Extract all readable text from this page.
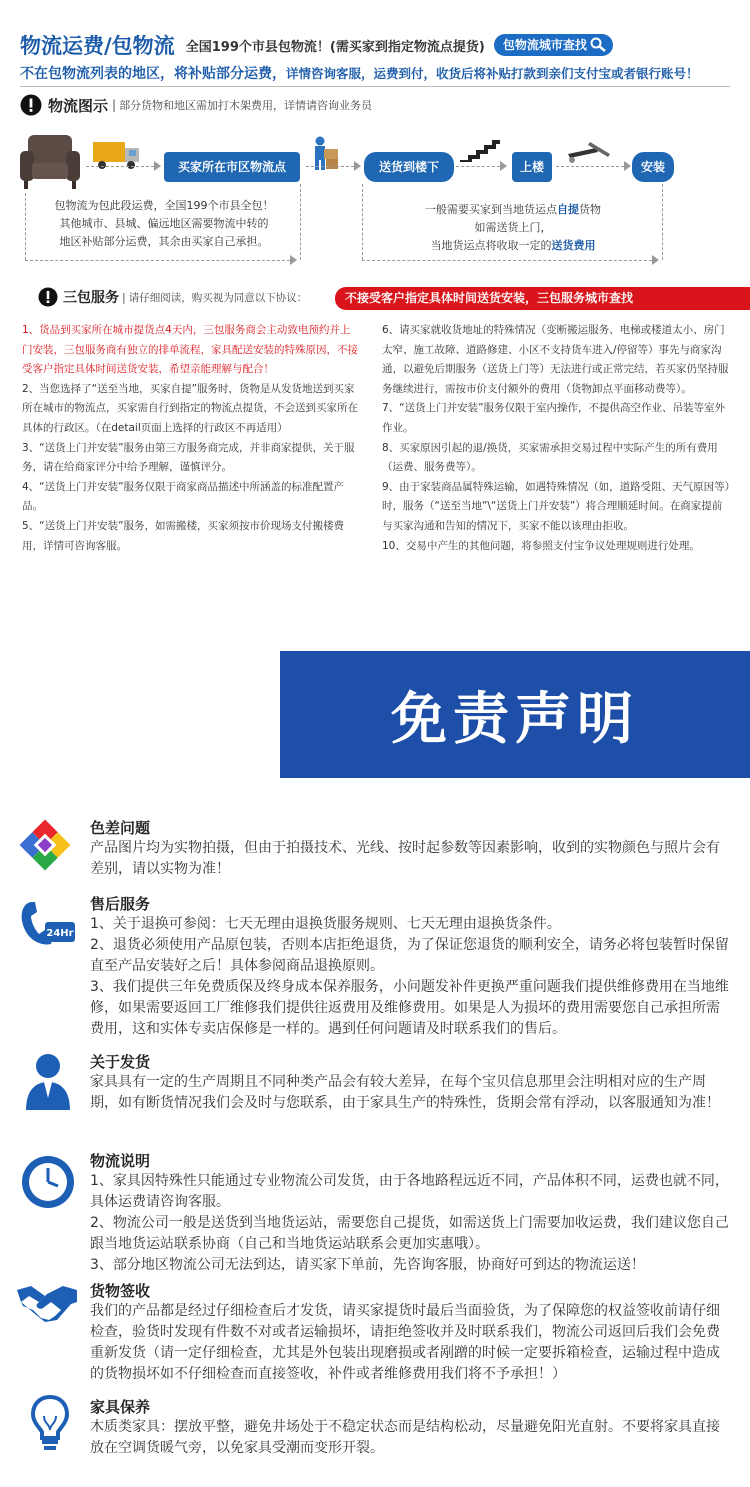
物流运费/包物流 全国199个市县包物流！(需买家到指定物流点提货) 包物流城市查找
不在包物流列表的地区，将补贴部分运费，详情咨询客服，运费到付，收货后将补贴打款到亲们支付宝或者银行账号！
物流图示 | 部分货物和地区需加打木架费用，详情请咨询业务员
买家所在市区物流点	送货到楼下	上楼	安装
包物流为包此段运费，全国199个市县全包！
其他城市、县城、偏远地区需要物流中转的
地区补贴部分运费，其余由买家自己承担。
一般需要买家到当地货运点自提货物
如需送货上门，
当地货运点将收取一定的送货费用
三包服务 | 请仔细阅读，购买视为同意以下协议：	不接受客户指定具体时间送货安装，三包服务城市查找

1、货品到买家所在城市提货点4天内，三包服务商会主动致电预约并上门安装，三包服务商有独立的排单流程，家具配送安装的特殊原因，不接受客户指定具体时间送货安装，希望亲能理解与配合！

2、当您选择了“送至当地，买家自提”服务时，货物是从发货地送到买家所在城市的物流点，买家需自行到指定的物流点提货，不会送到买家所在具体的行政区。（在detail页面上选择的行政区不再适用）

3、“送货上门并安装”服务由第三方服务商完成，并非商家提供，关于服务，请在给商家评分中给予理解，谨慎评分。

4、“送货上门并安装”服务仅限于商家商品描述中所涵盖的标准配置产品。

5、“送货上门并安装”服务，如需搬楼，买家须按市价现场支付搬楼费用，详情可咨询客服。

6、请买家就收货地址的特殊情况（变断搬运服务、电梯或楼道太小、房门太窄、施工故障、道路修建、小区不支持货车进入/停留等）事先与商家沟通，以避免后期服务（送货上门等）无法进行或正常完结，若买家仍坚持服务继续进行，需按市价支付额外的费用（货物卸点平面移动费等）。

7、“送货上门并安装”服务仅限于室内操作，不提供高空作业、吊装等室外作业。

8、买家原因引起的退/换货，买家需承担交易过程中实际产生的所有费用（运费、服务费等）。

9、由于家装商品属特殊运输，如遇特殊情况（如，道路受阻、天气原因等）时，服务（“送至当地”\“送货上门并安装”）将合理顺延时间。在商家提前与买家沟通和告知的情况下，买家不能以该理由拒收。

10、交易中产生的其他问题，将参照支付宝争议处理规则进行处理。

免责声明
色差问题

产品图片均为实物拍摄，但由于拍摄技术、光线、按时起参数等因素影响，收到的实物颜色与照片会有差别，请以实物为准！

24Hr
售后服务

1、关于退换可参阅：七天无理由退换货服务规则、七天无理由退换货条件。

2、退货必须使用产品原包装，否则本店拒绝退货，为了保证您退货的顺利安全，请务必将包装暂时保留直至产品安装好之后！具体参阅商品退换原则。

3、我们提供三年免费质保及终身成本保养服务，小问题发补件更换严重问题我们提供维修费用在当地维修，如果需要返回工厂维修我们提供往返费用及维修费用。如果是人为损坏的费用需要您自己承担所需费用，这和实体专卖店保修是一样的。遇到任何问题请及时联系我们的售后。

关于发货

家具具有一定的生产周期且不同种类产品会有较大差异，在每个宝贝信息那里会注明相对应的生产周期，如有断货情况我们会及时与您联系，由于家具生产的特殊性，货期会常有浮动，以客服通知为准！

物流说明

1、家具因特殊性只能通过专业物流公司发货，由于各地路程远近不同，产品体积不同，运费也就不同，具体运费请咨询客服。

2、物流公司一般是送货到当地货运站，需要您自己提货，如需送货上门需要加收运费，我们建议您自己跟当地货运站联系协商（自己和当地货运站联系会更加实惠哦）。

3、部分地区物流公司无法到达，请买家下单前，先咨询客服，协商好可到达的物流运送！

货物签收

我们的产品都是经过仔细检查后才发货，请买家提货时最后当面验货，为了保障您的权益签收前请仔细检查，验货时发现有件数不对或者运输损坏，请拒绝签收并及时联系我们，物流公司返回后我们会免费重新发货（请一定仔细检查，尤其是外包装出现磨损或者剐蹭的时候一定要拆箱检查，运输过程中造成的货物损坏如不仔细检查而直接签收，补件或者维修费用我们将不予承担！）

家具保养

木质类家具：摆放平整，避免井场处于不稳定状态而是结构松动，尽量避免阳光直射。不要将家具直接放在空调货暖气旁，以免家具受潮而变形开裂。
